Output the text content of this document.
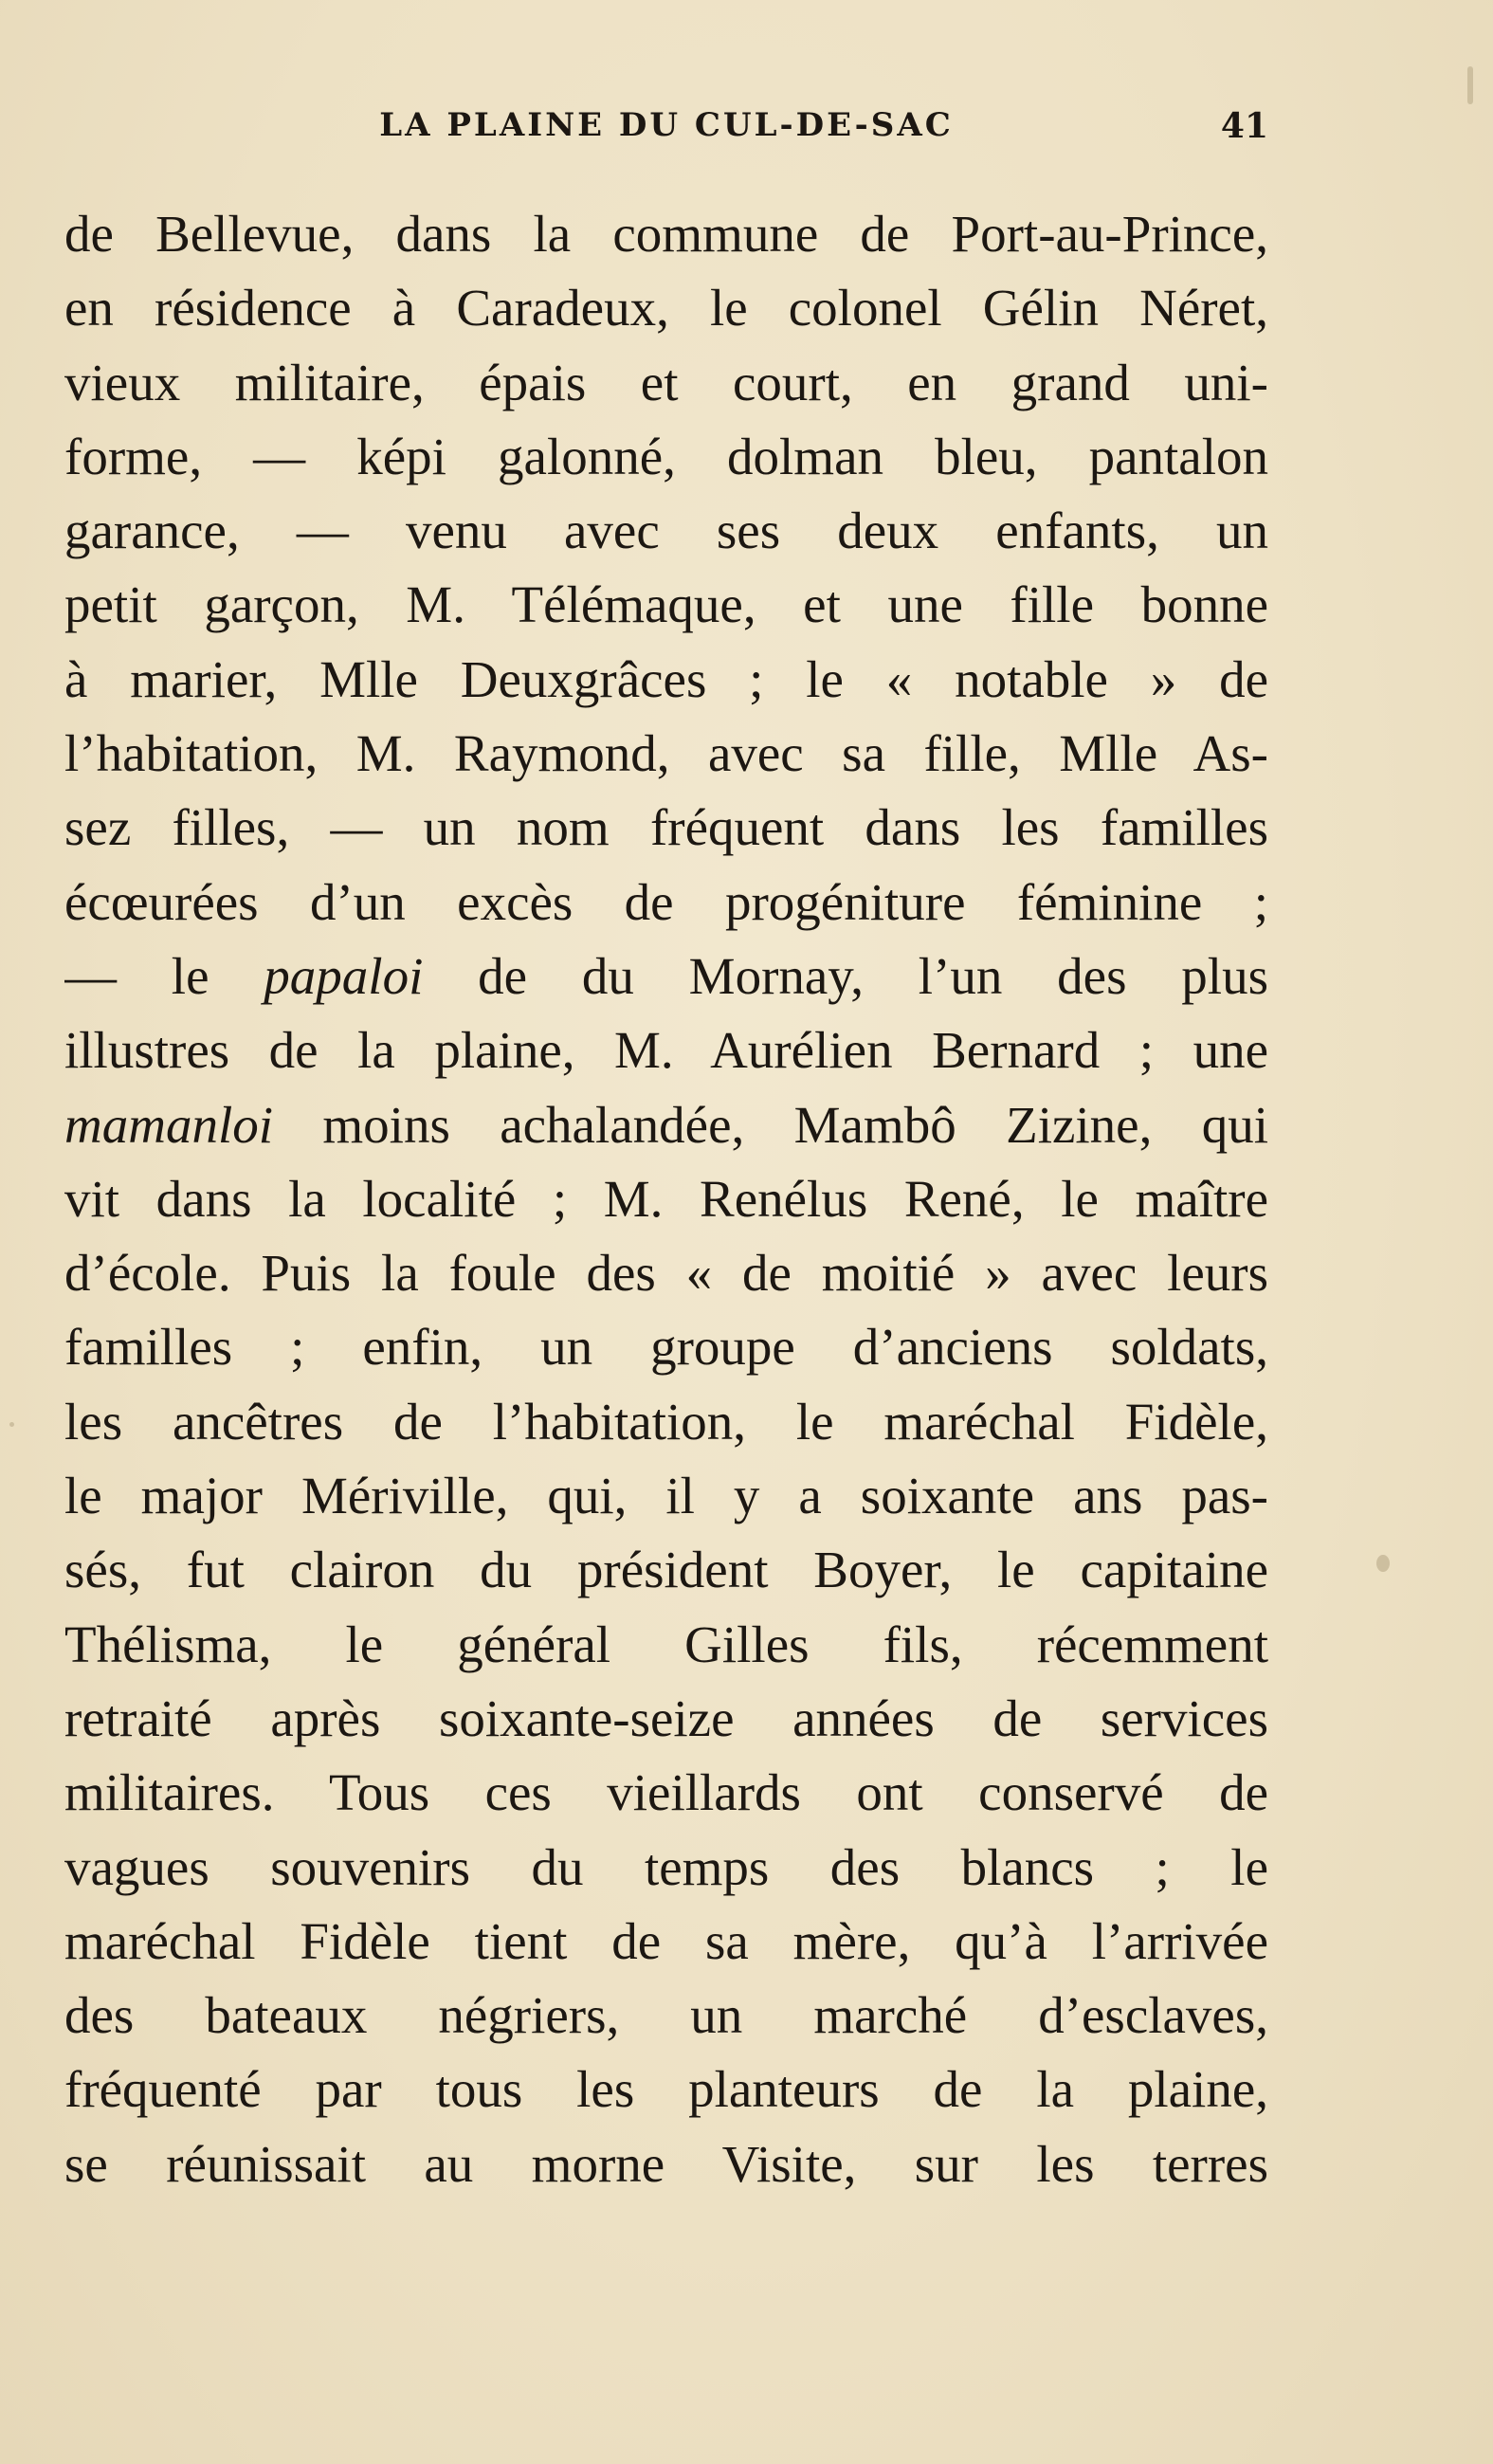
LA PLAINE DU CUL-DE-SAC	41
de Bellevue, dans la commune de Port-au-Prince,
en résidence à Caradeux, le colonel Gélin Néret,
vieux militaire, épais et court, en grand uni-
forme, — képi galonné, dolman bleu, pantalon
garance, — venu avec ses deux enfants, un
petit garçon, M. Télémaque, et une fille bonne
à marier, Mlle Deuxgrâces ; le « notable » de
l’habitation, M. Raymond, avec sa fille, Mlle As-
sez filles, — un nom fréquent dans les familles
écœurées d’un excès de progéniture féminine ;
— le papaloi de du Mornay, l’un des plus
illustres de la plaine, M. Aurélien Bernard ; une
mamanloi moins achalandée, Mambô Zizine, qui
vit dans la localité ; M. Renélus René, le maître
d’école. Puis la foule des « de moitié » avec leurs
familles ; enfin, un groupe d’anciens soldats,
les ancêtres de l’habitation, le maréchal Fidèle,
le major Mériville, qui, il y a soixante ans pas-
sés, fut clairon du président Boyer, le capitaine
Thélisma, le général Gilles fils, récemment
retraité après soixante-seize années de services
militaires. Tous ces vieillards ont conservé de
vagues souvenirs du temps des blancs ; le
maréchal Fidèle tient de sa mère, qu’à l’arrivée
des bateaux négriers, un marché d’esclaves,
fréquenté par tous les planteurs de la plaine,
se réunissait au morne Visite, sur les terres
